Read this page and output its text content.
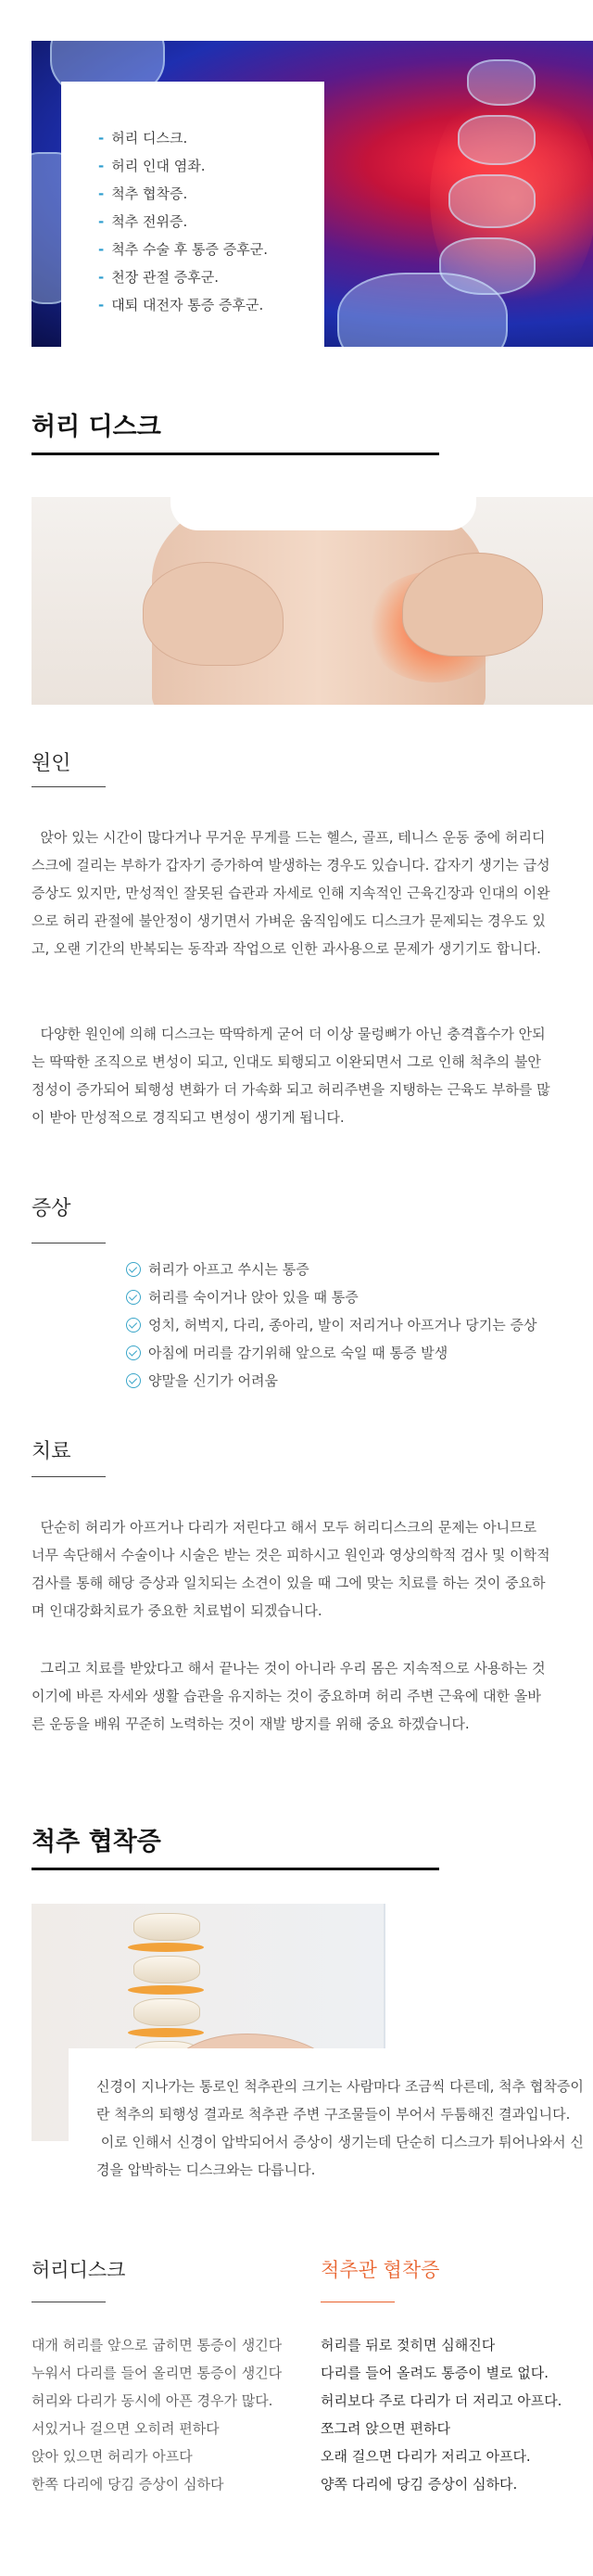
- 허리 디스크.
- 허리 인대 염좌.
- 척추 협착증.
- 척추 전위증.
- 척추 수술 후 통증 증후군.
- 천장 관절 증후군.
- 대퇴 대전자 통증 증후군.
허리 디스크
원인

앉아 있는 시간이 많다거나 무거운 무게를 드는 헬스, 골프, 테니스 운동 중에 허리디스크에 걸리는 부하가 갑자기 증가하여 발생하는 경우도 있습니다. 갑자기 생기는 급성 증상도 있지만, 만성적인 잘못된 습관과 자세로 인해 지속적인 근육긴장과 인대의 이완으로 허리 관절에 불안정이 생기면서 가벼운 움직임에도 디스크가 문제되는 경우도 있고, 오랜 기간의 반복되는 동작과 작업으로 인한 과사용으로 문제가 생기기도 합니다.

다양한 원인에 의해 디스크는 딱딱하게 굳어 더 이상 물렁뼈가 아닌 충격흡수가 안되는 딱딱한 조직으로 변성이 되고, 인대도 퇴행되고 이완되면서 그로 인해 척추의 불안정성이 증가되어 퇴행성 변화가 더 가속화 되고 허리주변을 지탱하는 근육도 부하를 많이 받아 만성적으로 경직되고 변성이 생기게 됩니다.

증상
허리가 아프고 쑤시는 통증
허리를 숙이거나 앉아 있을 때 통증
엉치, 허벅지, 다리, 종아리, 발이 저리거나 아프거나 당기는 증상
아침에 머리를 감기위해 앞으로 숙일 때 통증 발생
양말을 신기가 어려움
치료

단순히 허리가 아프거나 다리가 저린다고 해서 모두 허리디스크의 문제는 아니므로 너무 속단해서 수술이나 시술은 받는 것은 피하시고 원인과 영상의학적 검사 및 이학적 검사를 통해 해당 증상과 일치되는 소견이 있을 때 그에 맞는 치료를 하는 것이 중요하며 인대강화치료가 중요한 치료법이 되겠습니다.

그리고 치료를 받았다고 해서 끝나는 것이 아니라 우리 몸은 지속적으로 사용하는 것이기에 바른 자세와 생활 습관을 유지하는 것이 중요하며 허리 주변 근육에 대한 올바른 운동을 배워 꾸준히 노력하는 것이 재발 방지를 위해 중요 하겠습니다.

척추 협착증

신경이 지나가는 통로인 척추관의 크기는 사람마다 조금씩 다른데, 척추 협착증이란 척추의 퇴행성 결과로 척추관 주변 구조물들이 부어서 두툼해진 결과입니다.
이로 인해서 신경이 압박되어서 증상이 생기는데 단순히 디스크가 튀어나와서 신경을 압박하는 디스크와는 다릅니다.

허리디스크
대개 허리를 앞으로 굽히면 통증이 생긴다
누워서 다리를 들어 올리면 통증이 생긴다
허리와 다리가 동시에 아픈 경우가 많다.
서있거나 걸으면 오히려 편하다
앉아 있으면 허리가 아프다
한쪽 다리에 당김 증상이 심하다
척추관 협착증
허리를 뒤로 젖히면 심해진다
다리를 들어 올려도 통증이 별로 없다.
허리보다 주로 다리가 더 저리고 아프다.
쪼그려 앉으면 편하다
오래 걸으면 다리가 저리고 아프다.
양쪽 다리에 당김 증상이 심하다.
